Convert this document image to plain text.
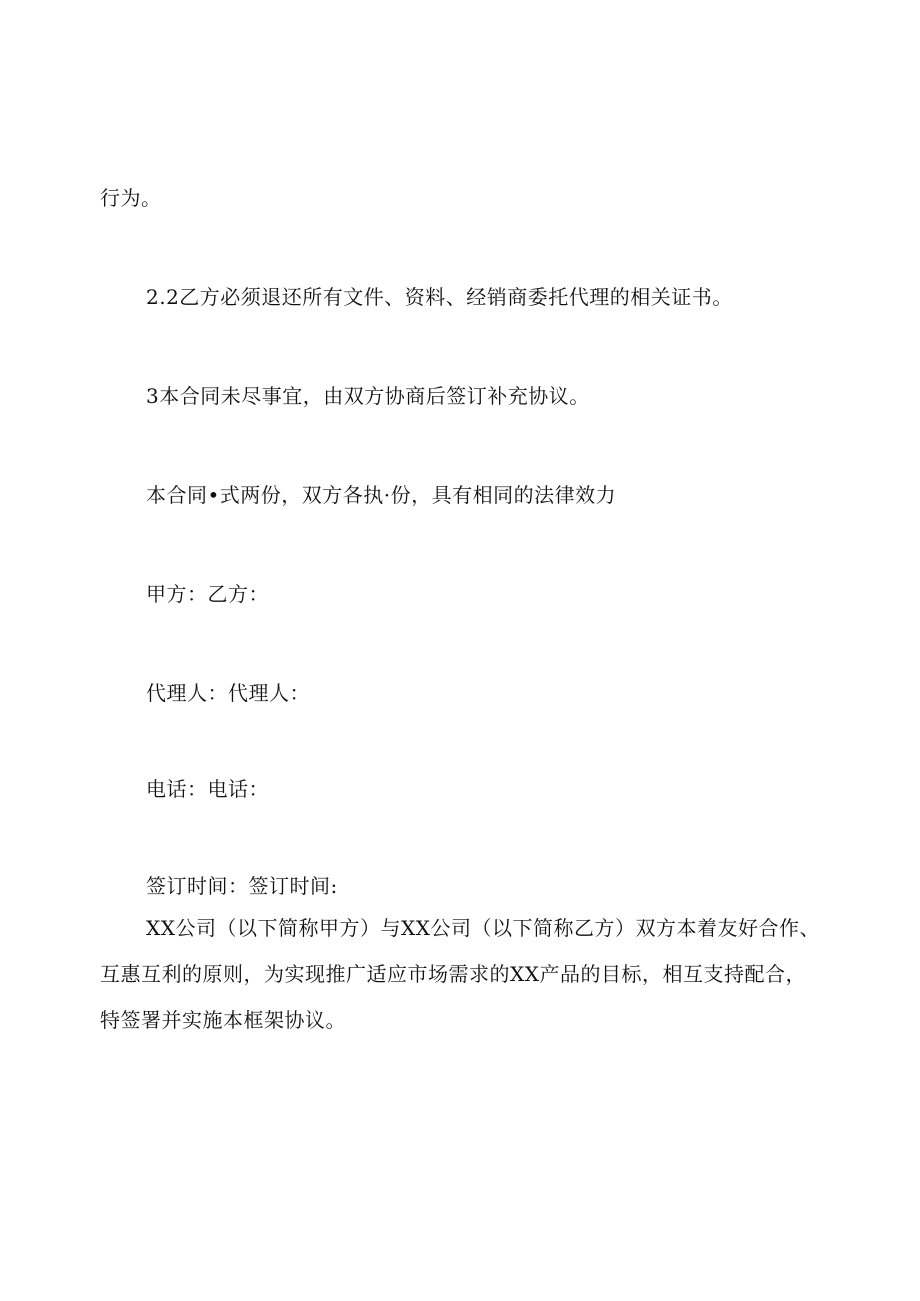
行为。
2.2乙方必须退还所有文件、资料、经销商委托代理的相关证书。
3本合同未尽事宜，由双方协商后签订补充协议。
本合同•式两份，双方各执·份，具有相同的法律效力
甲方：乙方：
代理人：代理人：
电话：电话：
签订时间：签订时间:
XX公司（以下简称甲方）与XX公司（以下简称乙方）双方本着友好合作、互惠互利的原则，为实现推广适应市场需求的XX产品的目标，相互支持配合，特签署并实施本框架协议。
